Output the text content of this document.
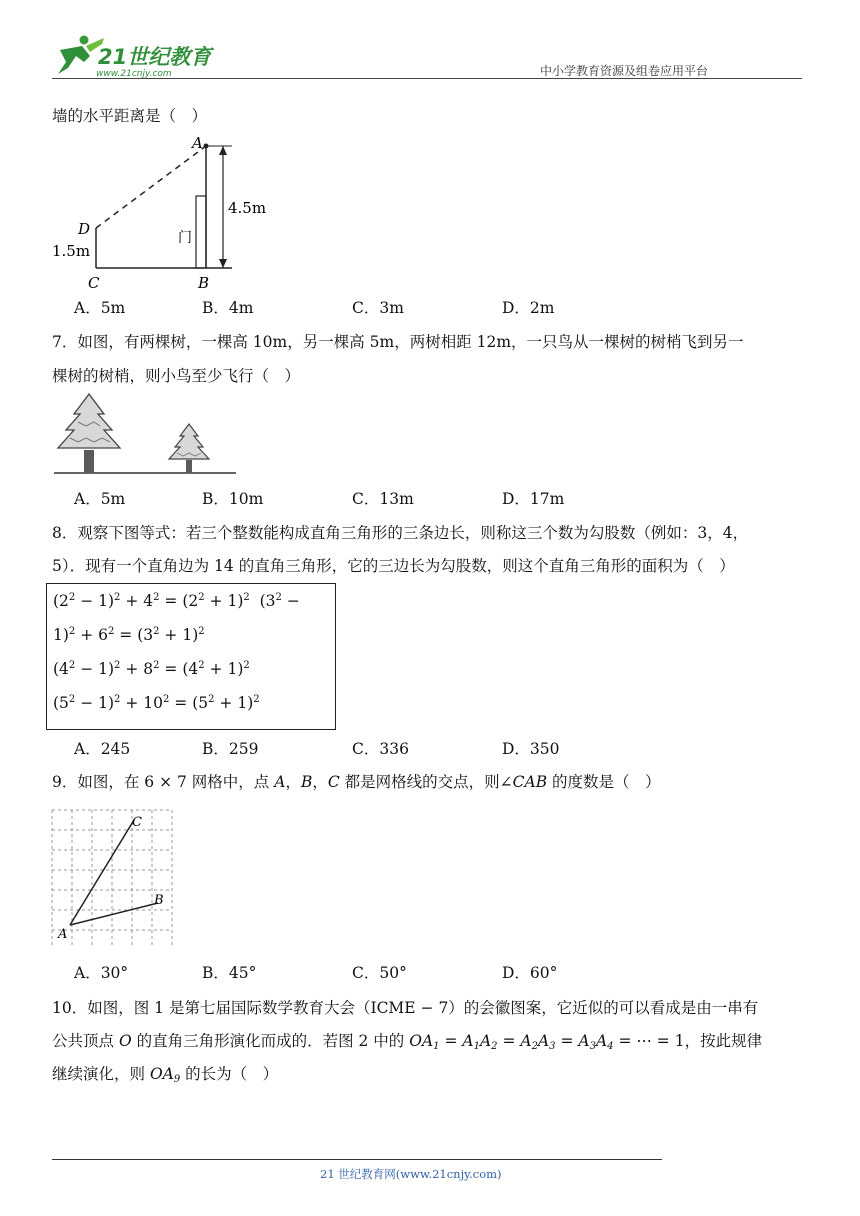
21世纪教育
www.21cnjy.com	中小学教育资源及组卷应用平台
墙的水平距离是（　）
A
B
C
D
1.5m
4.5m
门
A．5m	B．4m	C．3m	D．2m
7．如图，有两棵树，一棵高 10m，另一棵高 5m，两树相距 12m，一只鸟从一棵树的树梢飞到另一
棵树的树梢，则小鸟至少飞行（　）
A．5m	B．10m	C．13m	D．17m
8．观察下图等式：若三个整数能构成直角三角形的三条边长，则称这三个数为勾股数（例如：3，4，
5）．现有一个直角边为 14 的直角三角形，它的三边长为勾股数，则这个直角三角形的面积为（　）
$(2^2 - 1)^2 + 4^2 = (2^2 + 1)^2$  ($3^2$ −
$1)^2 + 6^2 = (3^2 + 1)^2$
$(4^2 - 1)^2 + 8^2 = (4^2 + 1)^2$
$(5^2 - 1)^2 + 10^2 = (5^2 + 1)^2$
A．245	B．259	C．336	D．350
9．如图，在 6 × 7 网格中，点 A，B，C 都是网格线的交点，则∠CAB 的度数是（　）
A
B
C
A．30°	B．45°	C．50°	D．60°
10．如图，图 1 是第七届国际数学教育大会（ICME − 7）的会徽图案，它近似的可以看成是由一串有
公共顶点 O 的直角三角形演化而成的．若图 2 中的 $OA_1 = A_1A_2 = A_2A_3 = A_3A_4$ = ⋯ = 1，按此规律
继续演化，则 $OA_9$ 的长为（　）
21 世纪教育网(www.21cnjy.com)
